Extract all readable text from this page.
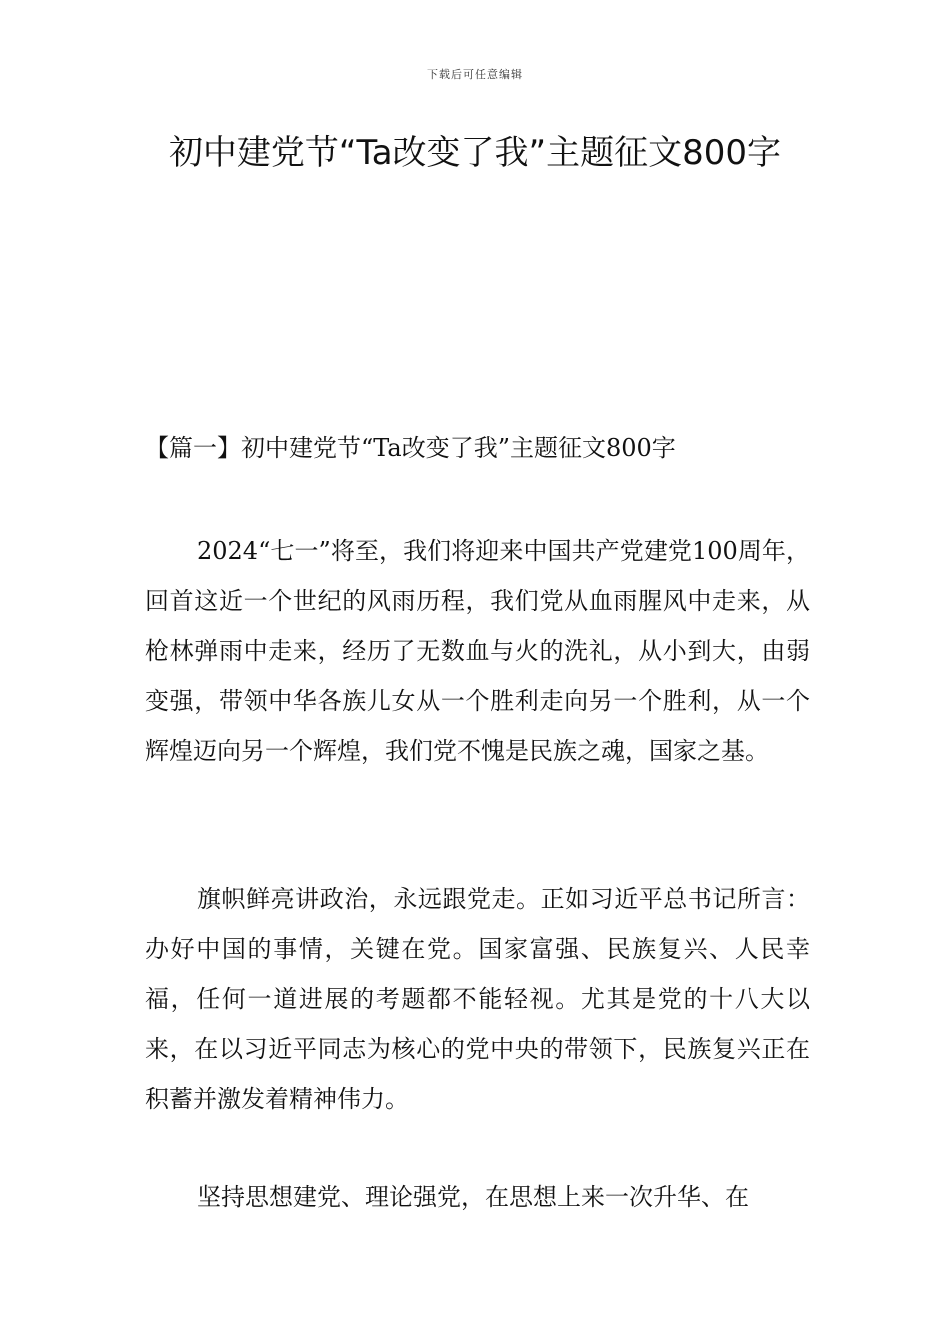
下载后可任意编辑
初中建党节“Ta改变了我”主题征文800字

【篇一】初中建党节“Ta改变了我”主题征文800字

2024“七一”将至，我们将迎来中国共产党建党100周年，回首这近一个世纪的风雨历程，我们党从血雨腥风中走来，从枪林弹雨中走来，经历了无数血与火的洗礼，从小到大，由弱变强，带领中华各族儿女从一个胜利走向另一个胜利，从一个辉煌迈向另一个辉煌，我们党不愧是民族之魂，国家之基。

旗帜鲜亮讲政治，永远跟党走。正如习近平总书记所言：办好中国的事情，关键在党。国家富强、民族复兴、人民幸福，任何一道进展的考题都不能轻视。尤其是党的十八大以来，在以习近平同志为核心的党中央的带领下，民族复兴正在积蓄并激发着精神伟力。

坚持思想建党、理论强党，在思想上来一次升华、在
